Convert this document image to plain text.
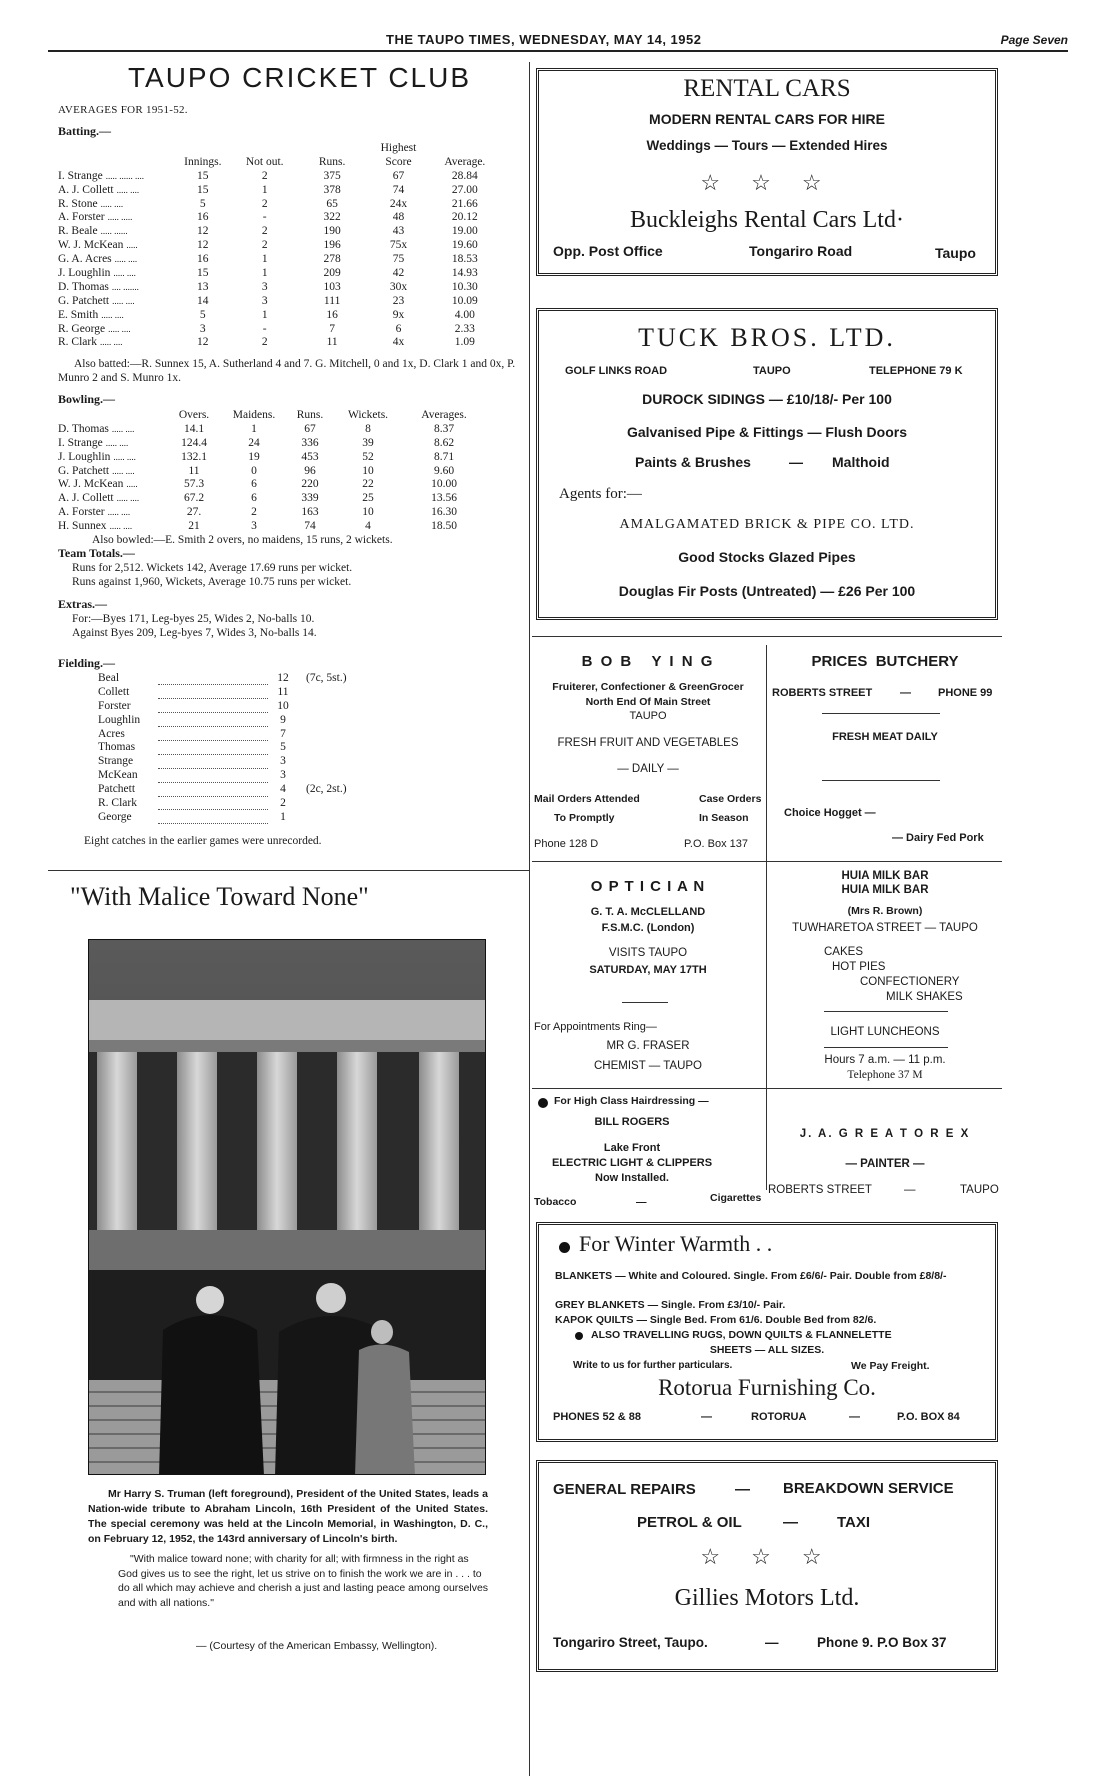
THE TAUPO TIMES, WEDNESDAY, MAY 14, 1952	Page Seven
TAUPO CRICKET CLUB
AVERAGES FOR 1951-52.
Batting.—
				Highest	
	Innings.	Not out.	Runs.	Score	Average.
I. Strange ..... ...... ....	15	2	375	67	28.84
A. J. Collett ..... ....	15	1	378	74	27.00
R. Stone ..... ....	5	2	65	24x	21.66
A. Forster ..... .....	16	-	322	48	20.12
R. Beale ..... ......	12	2	190	43	19.00
W. J. McKean .....	12	2	196	75x	19.60
G. A. Acres ..... ....	16	1	278	75	18.53
J. Loughlin ..... ....	15	1	209	42	14.93
D. Thomas .... .......	13	3	103	30x	10.30
G. Patchett ..... ....	14	3	111	23	10.09
E. Smith ..... ....	5	1	16	9x	4.00
R. George ..... ....	3	-	7	6	2.33
R. Clark ..... ....	12	2	11	4x	1.09
Also batted:—R. Sunnex 15, A. Sutherland 4 and 7. G. Mitchell, 0 and 1x, D. Clark 1 and 0x, P. Munro 2 and S. Munro 1x.
Bowling.—
	Overs.	Maidens.	Runs.	Wickets.	Averages.
D. Thomas ..... ....	14.1	1	67	8	8.37
I. Strange ..... ....	124.4	24	336	39	8.62
J. Loughlin ..... ....	132.1	19	453	52	8.71
G. Patchett ..... ....	11	0	96	10	9.60
W. J. McKean .....	57.3	6	220	22	10.00
A. J. Collett ..... ....	67.2	6	339	25	13.56
A. Forster ..... ....	27.	2	163	10	16.30
H. Sunnex ..... ....	21	3	74	4	18.50
Also bowled:—E. Smith 2 overs, no maidens, 15 runs, 2 wickets.
Team Totals.—
Runs for 2,512. Wickets 142, Average 17.69 runs per wicket.
Runs against 1,960, Wickets, Average 10.75 runs per wicket.
Extras.—
For:—Byes 171, Leg-byes 25, Wides 2, No-balls 10.
Against Byes 209, Leg-byes 7, Wides 3, No-balls 14.
Fielding.—
Beal		12	(7c, 5st.)
Collett		11	
Forster		10	
Loughlin		9	
Acres		7	
Thomas		5	
Strange		3	
McKean		3	
Patchett		4	(2c, 2st.)
R. Clark		2	
George		1	
Eight catches in the earlier games were unrecorded.
"With Malice Toward None"
Mr Harry S. Truman (left foreground), President of the United States, leads a Nation-wide tribute to Abraham Lincoln, 16th President of the United States. The special ceremony was held at the Lincoln Memorial, in Washington, D. C., on February 12, 1952, the 143rd anniversary of Lincoln's birth.
"With malice toward none; with charity for all; with firmness in the right as God gives us to see the right, let us strive on to finish the work we are in . . . to do all which may achieve and cherish a just and lasting peace among ourselves and with all nations."
— (Courtesy of the American Embassy, Wellington).
RENTAL CARS
MODERN RENTAL CARS FOR HIRE
Weddings — Tours — Extended Hires
☆ ☆ ☆
Buckleighs Rental Cars Ltd·
Opp. Post Office	Tongariro Road	Taupo
TUCK BROS. LTD.
GOLF LINKS ROAD	TAUPO	TELEPHONE 79 K
DUROCK SIDINGS — £10/18/- Per 100
Galvanised Pipe & Fittings — Flush Doors
Paints & Brushes	— Malthoid
Agents for:—
AMALGAMATED BRICK & PIPE CO. LTD.
Good Stocks Glazed Pipes
Douglas Fir Posts (Untreated) — £26 Per 100
B O B   Y I N G
Fruiterer, Confectioner & GreenGrocer
North End Of Main Street
TAUPO
FRESH FRUIT AND VEGETABLES
— DAILY —
Mail Orders Attended
To Promptly
Case Orders
In Season
Phone 128 D	P.O. Box 137
PRICES  BUTCHERY
ROBERTS STREET	— PHONE 99
FRESH MEAT DAILY
Choice Hogget —
— Dairy Fed Pork
O P T I C I A N
G. T. A. McCLELLAND
F.S.M.C. (London)
VISITS TAUPO
SATURDAY, MAY 17TH
For Appointments Ring—
MR G. FRASER
CHEMIST — TAUPO
HUIA MILK BAR
HUIA MILK BAR
(Mrs R. Brown)
TUWHARETOA STREET — TAUPO
CAKES
HOT PIES
CONFECTIONERY
MILK SHAKES
LIGHT LUNCHEONS
Hours 7 a.m. — 11 p.m.
Telephone 37 M
For High Class Hairdressing —
BILL ROGERS
Lake Front
ELECTRIC LIGHT & CLIPPERS
Now Installed.
Tobacco	—	Cigarettes
J. A. G R E A T O R E X
— PAINTER —
ROBERTS STREET	—	TAUPO
For Winter Warmth . .
BLANKETS — White and Coloured. Single. From £6/6/- Pair. Double from £8/8/-
GREY BLANKETS — Single. From £3/10/- Pair.
KAPOK QUILTS — Single Bed. From 61/6. Double Bed from 82/6.
ALSO TRAVELLING RUGS, DOWN QUILTS & FLANNELETTE
SHEETS — ALL SIZES.
Write to us for further particulars.	We Pay Freight.
Rotorua Furnishing Co.
PHONES 52 & 88	—	ROTORUA	—	P.O. BOX 84
GENERAL REPAIRS	— BREAKDOWN SERVICE
PETROL & OIL	—	TAXI
☆ ☆ ☆
Gillies Motors Ltd.
Tongariro Street, Taupo.	—	Phone 9. P.O Box 37
